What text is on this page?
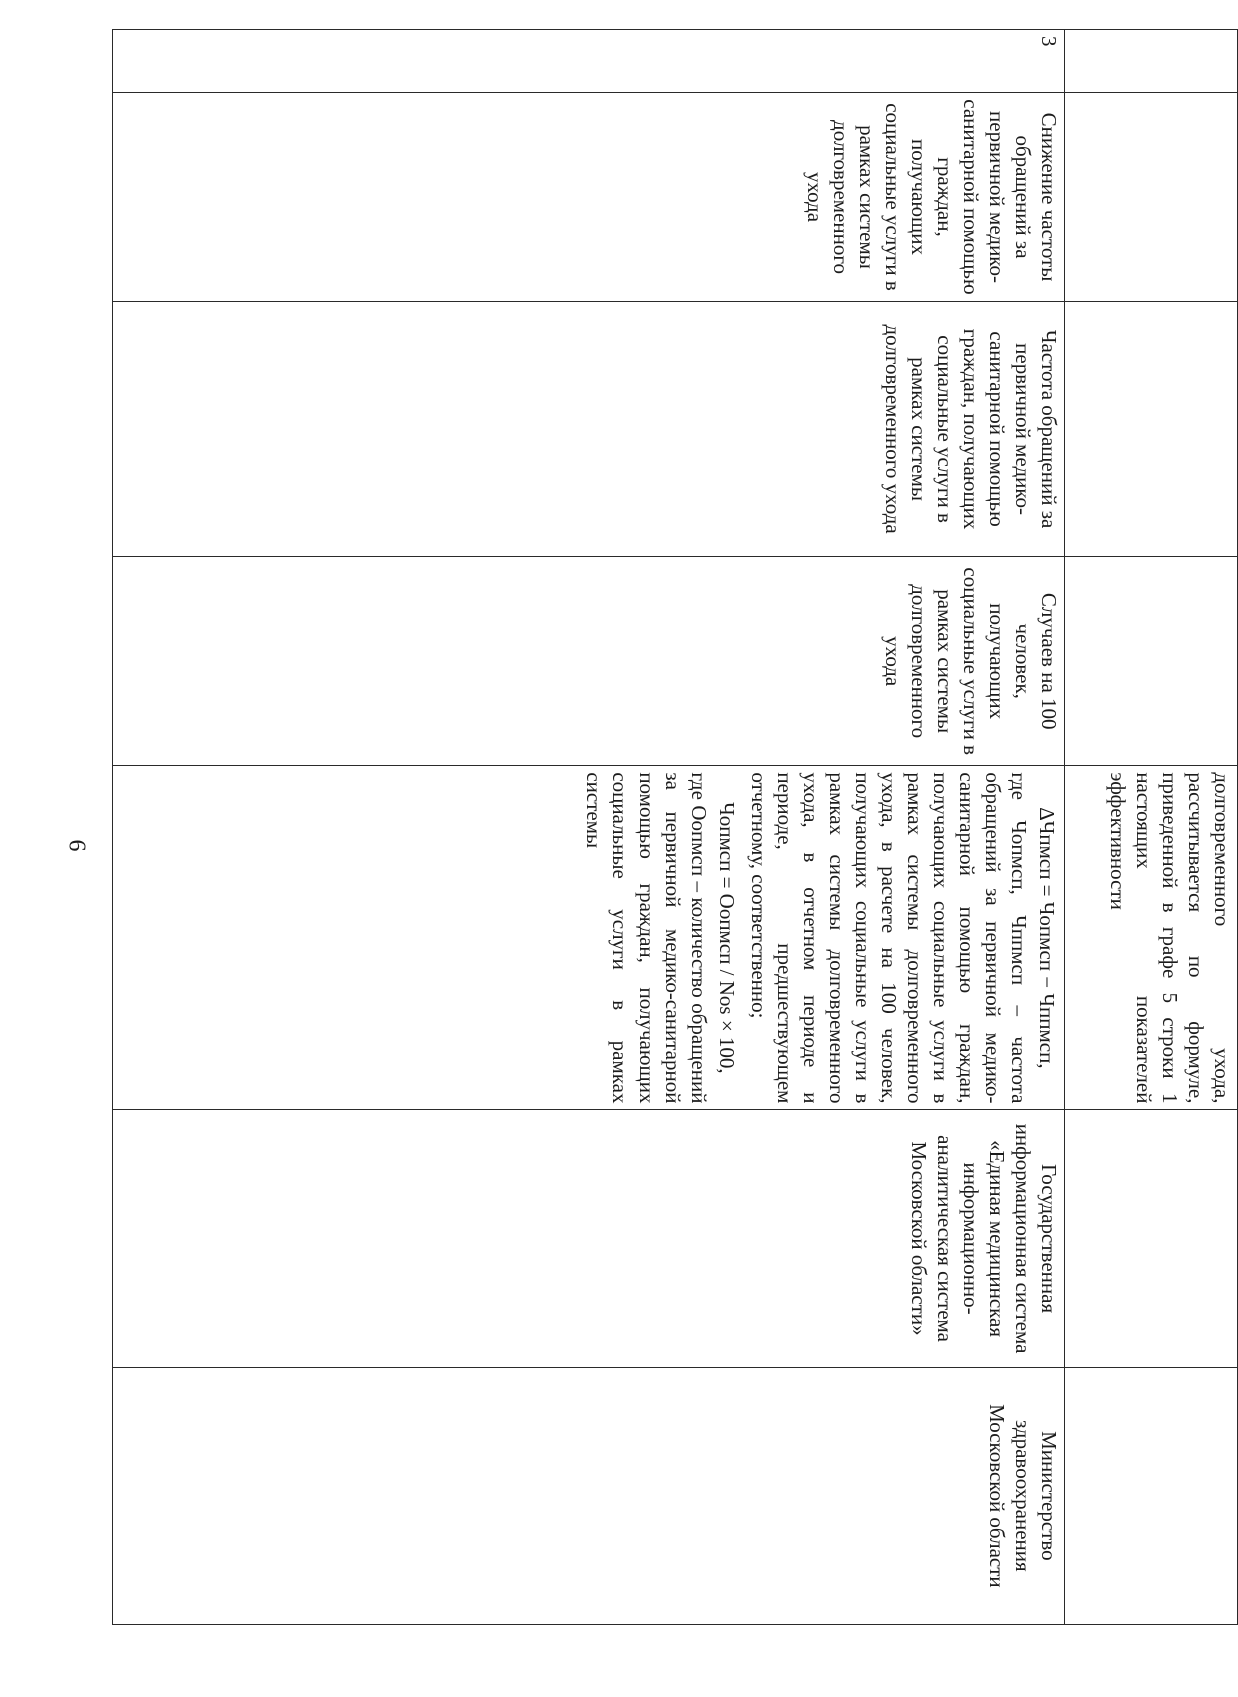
6

				долговременного ухода, рассчитывается по формуле, приведенной в графе 5 строки 1 настоящих показателей эффективности		

3	Снижение частоты обращений за первичной медико-санитарной помощью граждан, получающих социальные услуги в рамках системы долговременного ухода	Частота обращений за первичной медико-санитарной помощью граждан, получающих социальные услуги в рамках системы долговременного ухода	Случаев на 100 человек, получающих социальные услуги в рамках системы долговременного ухода	ΔЧпмсп = Чопмсп − Чппмсп,
где Чопмсп, Чппмсп – частота обращений за первичной медико-санитарной помощью граждан, получающих социальные услуги в рамках системы долговременного ухода, в расчете на 100 человек, получающих социальные услуги в рамках системы долговременного ухода, в отчетном периоде и периоде, предшествующем отчетному, соответственно;
Чопмсп = Оопмсп / Nos × 100,
где Оопмсп – количество обращений за первичной медико-санитарной помощью граждан, получающих социальные услуги в рамках системы	Государственная информационная система «Единая медицинская информационно-аналитическая система Московской области»	Министерство здравоохранения Московской области
